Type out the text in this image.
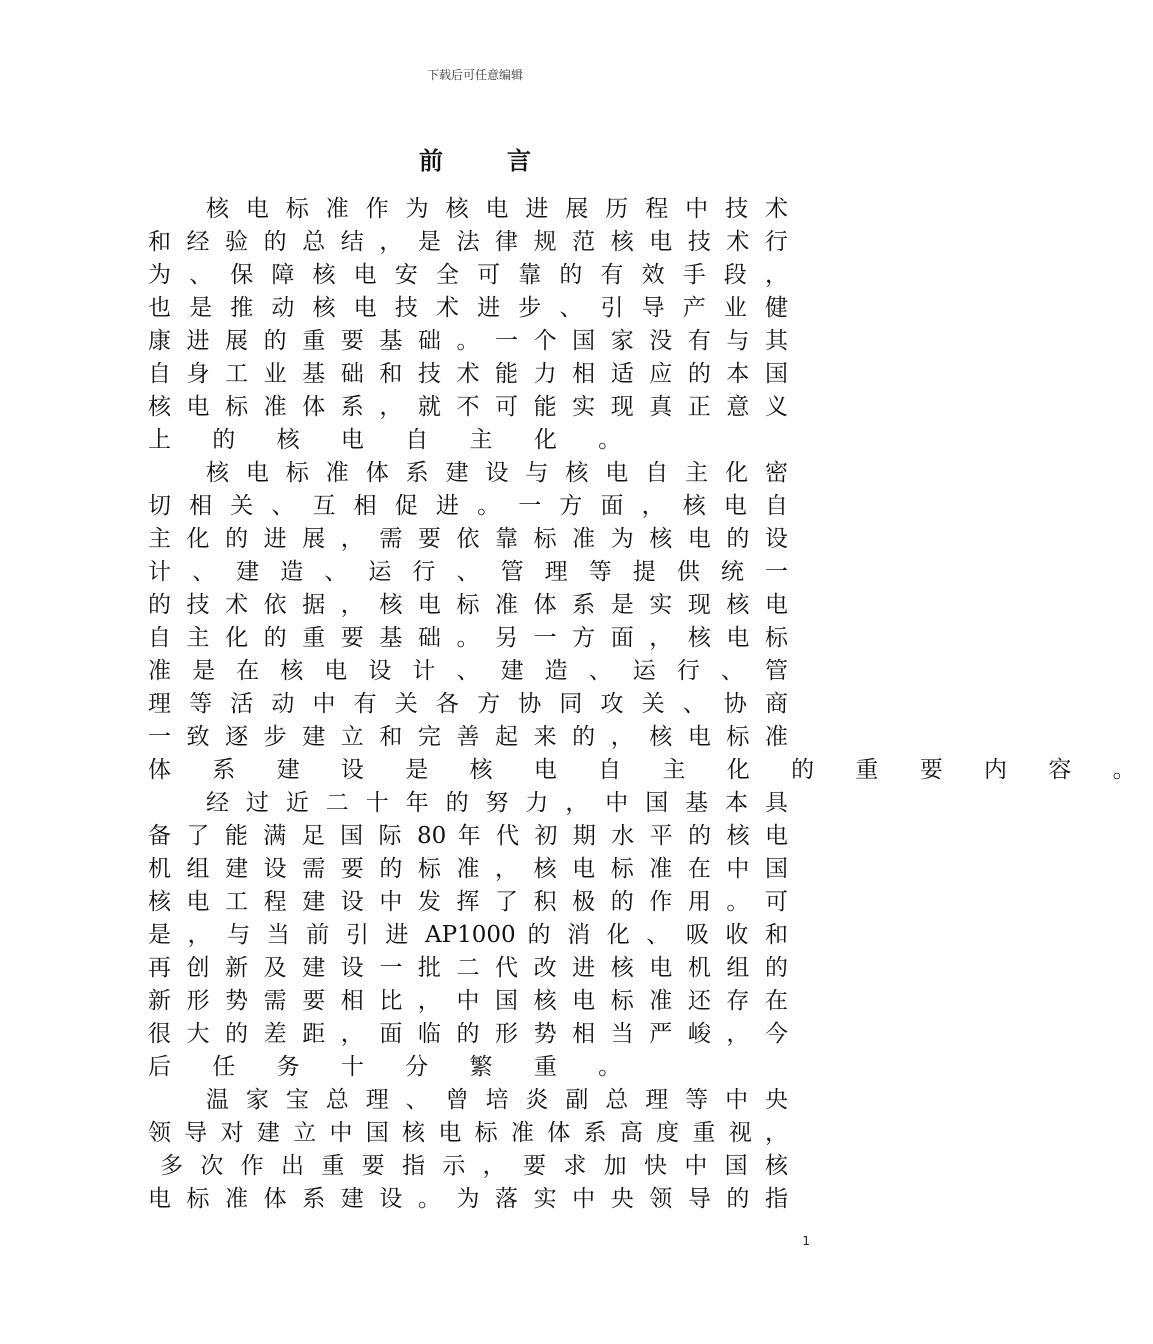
下载后可任意编辑
前言
核 电 标 准 作 为 核 电 进 展 历 程 中 技 术
和 经 验 的 总 结 ， 是 法 律 规 范 核 电 技 术 行
为 、 保 障 核 电 安 全 可 靠 的 有 效 手 段 ，
也 是 推 动 核 电 技 术 进 步 、 引 导 产 业 健
康 进 展 的 重 要 基 础 。 一 个 国 家 没 有 与 其
自 身 工 业 基 础 和 技 术 能 力 相 适 应 的 本 国
核 电 标 准 体 系 ， 就 不 可 能 实 现 真 正 意 义
上 的 核 电 自 主 化 。
核 电 标 准 体 系 建 设 与 核 电 自 主 化 密
切 相 关 、 互 相 促 进 。 一 方 面 ， 核 电 自
主 化 的 进 展 ， 需 要 依 靠 标 准 为 核 电 的 设
计 、 建 造 、 运 行 、 管 理 等 提 供 统 一
的 技 术 依 据 ， 核 电 标 准 体 系 是 实 现 核 电
自 主 化 的 重 要 基 础 。 另 一 方 面 ， 核 电 标
准 是 在 核 电 设 计 、 建 造 、 运 行 、 管
理 等 活 动 中 有 关 各 方 协 同 攻 关 、 协 商
一 致 逐 步 建 立 和 完 善 起 来 的 ， 核 电 标 准
体 系 建 设 是 核 电 自 主 化 的 重 要 内 容 。
经 过 近 二 十 年 的 努 力 ， 中 国 基 本 具
备 了 能 满 足 国 际 80 年 代 初 期 水 平 的 核 电
机 组 建 设 需 要 的 标 准 ， 核 电 标 准 在 中 国
核 电 工 程 建 设 中 发 挥 了 积 极 的 作 用 。 可
是 ， 与 当 前 引 进 AP1000 的 消 化 、 吸 收 和
再 创 新 及 建 设 一 批 二 代 改 进 核 电 机 组 的
新 形 势 需 要 相 比 ， 中 国 核 电 标 准 还 存 在
很 大 的 差 距 ， 面 临 的 形 势 相 当 严 峻 ， 今
后 任 务 十 分 繁 重 。
温 家 宝 总 理 、 曾 培 炎 副 总 理 等 中 央
领 导 对 建 立 中 国 核 电 标 准 体 系 高 度 重 视 ，
多 次 作 出 重 要 指 示 ， 要 求 加 快 中 国 核
电 标 准 体 系 建 设 。 为 落 实 中 央 领 导 的 指
1
